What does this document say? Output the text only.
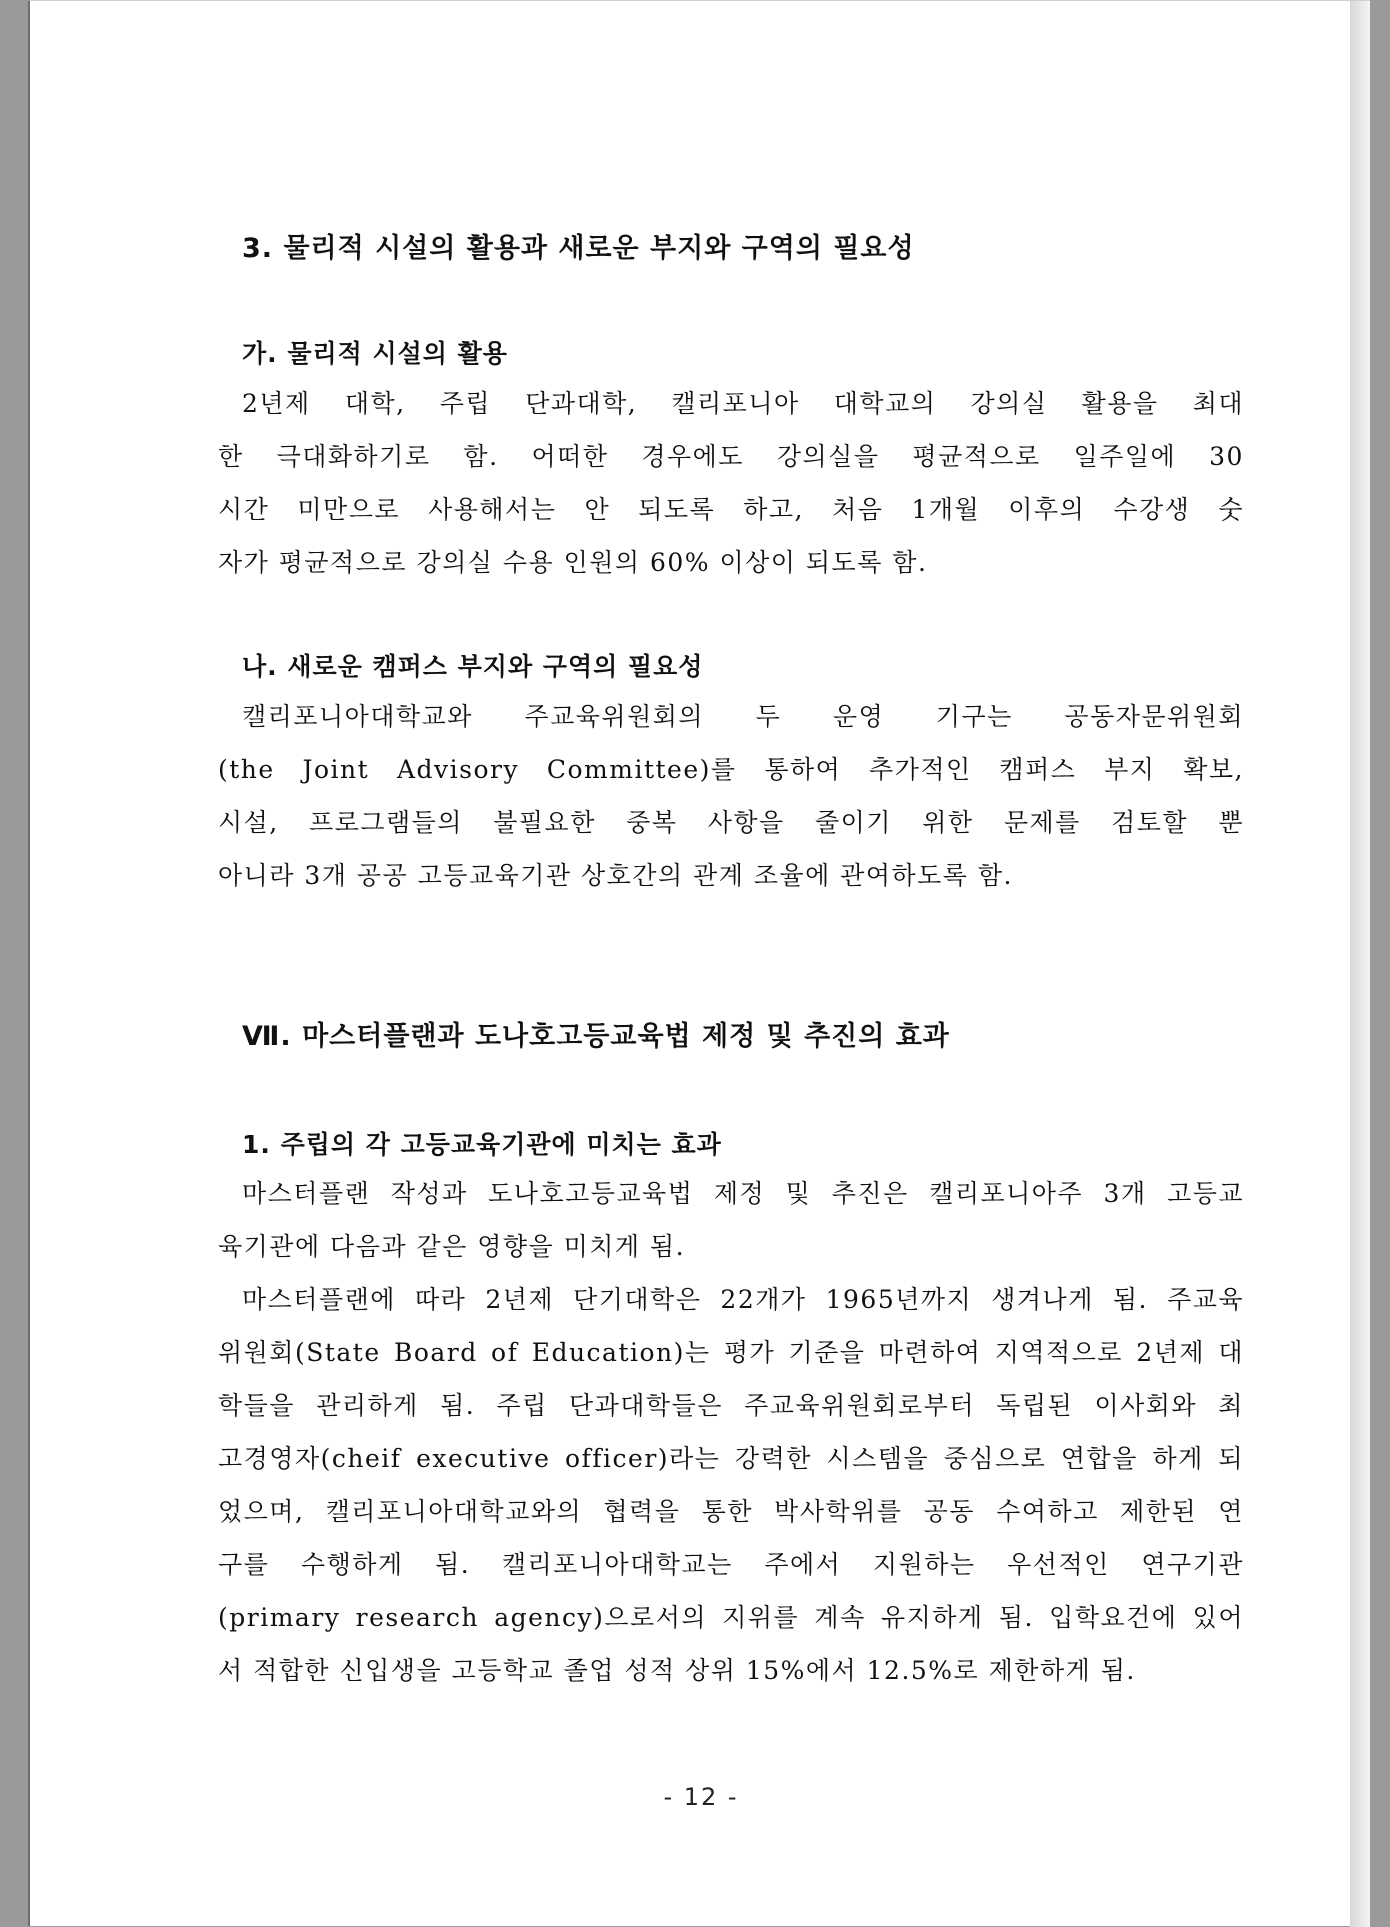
3. 물리적 시설의 활용과 새로운 부지와 구역의 필요성
가. 물리적 시설의 활용
2년제 대학, 주립 단과대학, 캘리포니아 대학교의 강의실 활용을 최대
한 극대화하기로 함. 어떠한 경우에도 강의실을 평균적으로 일주일에 30
시간 미만으로 사용해서는 안 되도록 하고, 처음 1개월 이후의 수강생 숫
자가 평균적으로 강의실 수용 인원의 60% 이상이 되도록 함.
나. 새로운 캠퍼스 부지와 구역의 필요성
캘리포니아대학교와 주교육위원회의 두 운영 기구는 공동자문위원회
(the Joint Advisory Committee)를 통하여 추가적인 캠퍼스 부지 확보,
시설, 프로그램들의 불필요한 중복 사항을 줄이기 위한 문제를 검토할 뿐
아니라 3개 공공 고등교육기관 상호간의 관계 조율에 관여하도록 함.
Ⅶ. 마스터플랜과 도나호고등교육법 제정 및 추진의 효과
1. 주립의 각 고등교육기관에 미치는 효과
마스터플랜 작성과 도나호고등교육법 제정 및 추진은 캘리포니아주 3개 고등교
육기관에 다음과 같은 영향을 미치게 됨.
마스터플랜에 따라 2년제 단기대학은 22개가 1965년까지 생겨나게 됨. 주교육
위원회(State Board of Education)는 평가 기준을 마련하여 지역적으로 2년제 대
학들을 관리하게 됨. 주립 단과대학들은 주교육위원회로부터 독립된 이사회와 최
고경영자(cheif executive officer)라는 강력한 시스템을 중심으로 연합을 하게 되
었으며, 캘리포니아대학교와의 협력을 통한 박사학위를 공동 수여하고 제한된 연
구를 수행하게 됨. 캘리포니아대학교는 주에서 지원하는 우선적인 연구기관
(primary research agency)으로서의 지위를 계속 유지하게 됨. 입학요건에 있어
서 적합한 신입생을 고등학교 졸업 성적 상위 15%에서 12.5%로 제한하게 됨.
- 12 -
